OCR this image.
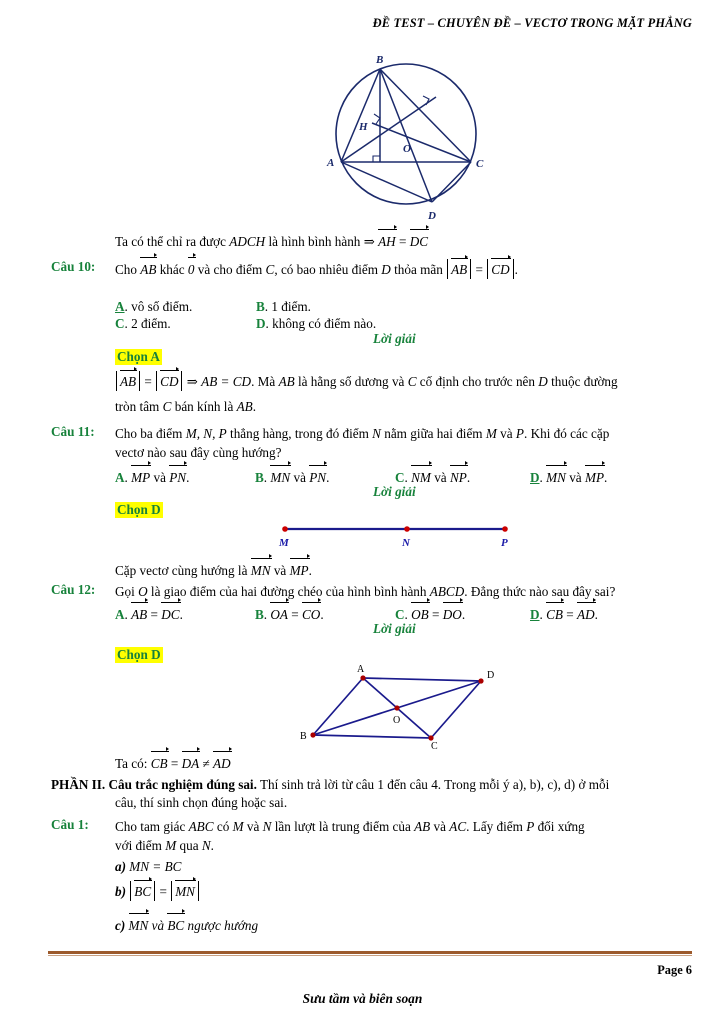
ĐỀ TEST – CHUYÊN ĐỀ – VECTƠ TRONG MẶT PHẲNG
B
H
O
A	C
D
Ta có thể chỉ ra được ADCH là hình bình hành ⇒ AH = DC
Câu 10: Cho AB khác 0 và cho điểm C, có bao nhiêu điểm D thỏa mãn AB = CD .
A. vô số điểm.	B. 1 điểm.
C. 2 điểm.	D. không có điểm nào.
Lời giải
Chọn A
AB = CD ⇒ AB = CD. Mà AB là hằng số dương và C cố định cho trước nên D thuộc đường
tròn tâm C bán kính là AB.
Câu 11: Cho ba điểm M, N, P thẳng hàng, trong đó điểm N nằm giữa hai điểm M và P. Khi đó các cặp
vectơ nào sau đây cùng hướng?
A. MP và PN.	B. MN và PN.	C. NM và NP.	D. MN và MP.
Lời giải
Chọn D
M	N	P
Cặp vectơ cùng hướng là MN và MP.
Câu 12: Gọi O là giao điểm của hai đường chéo của hình bình hành ABCD. Đẳng thức nào sau đây sai?
A. AB = DC.	B. OA = CO.	C. OB = DO.	D. CB = AD.
Lời giải
Chọn D
A
D
B
C
O
Ta có: CB = DA ≠ AD
PHẦN II. Câu trắc nghiệm đúng sai. Thí sinh trả lời từ câu 1 đến câu 4. Trong mỗi ý a), b), c), d) ở mỗi
câu, thí sinh chọn đúng hoặc sai.
Câu 1: Cho tam giác ABC có M và N lần lượt là trung điểm của AB và AC. Lấy điểm P đối xứng
với điểm M qua N.
a) MN = BC
b) BC = MN
c) MN và BC ngược hướng
Page 6
Sưu tầm và biên soạn
